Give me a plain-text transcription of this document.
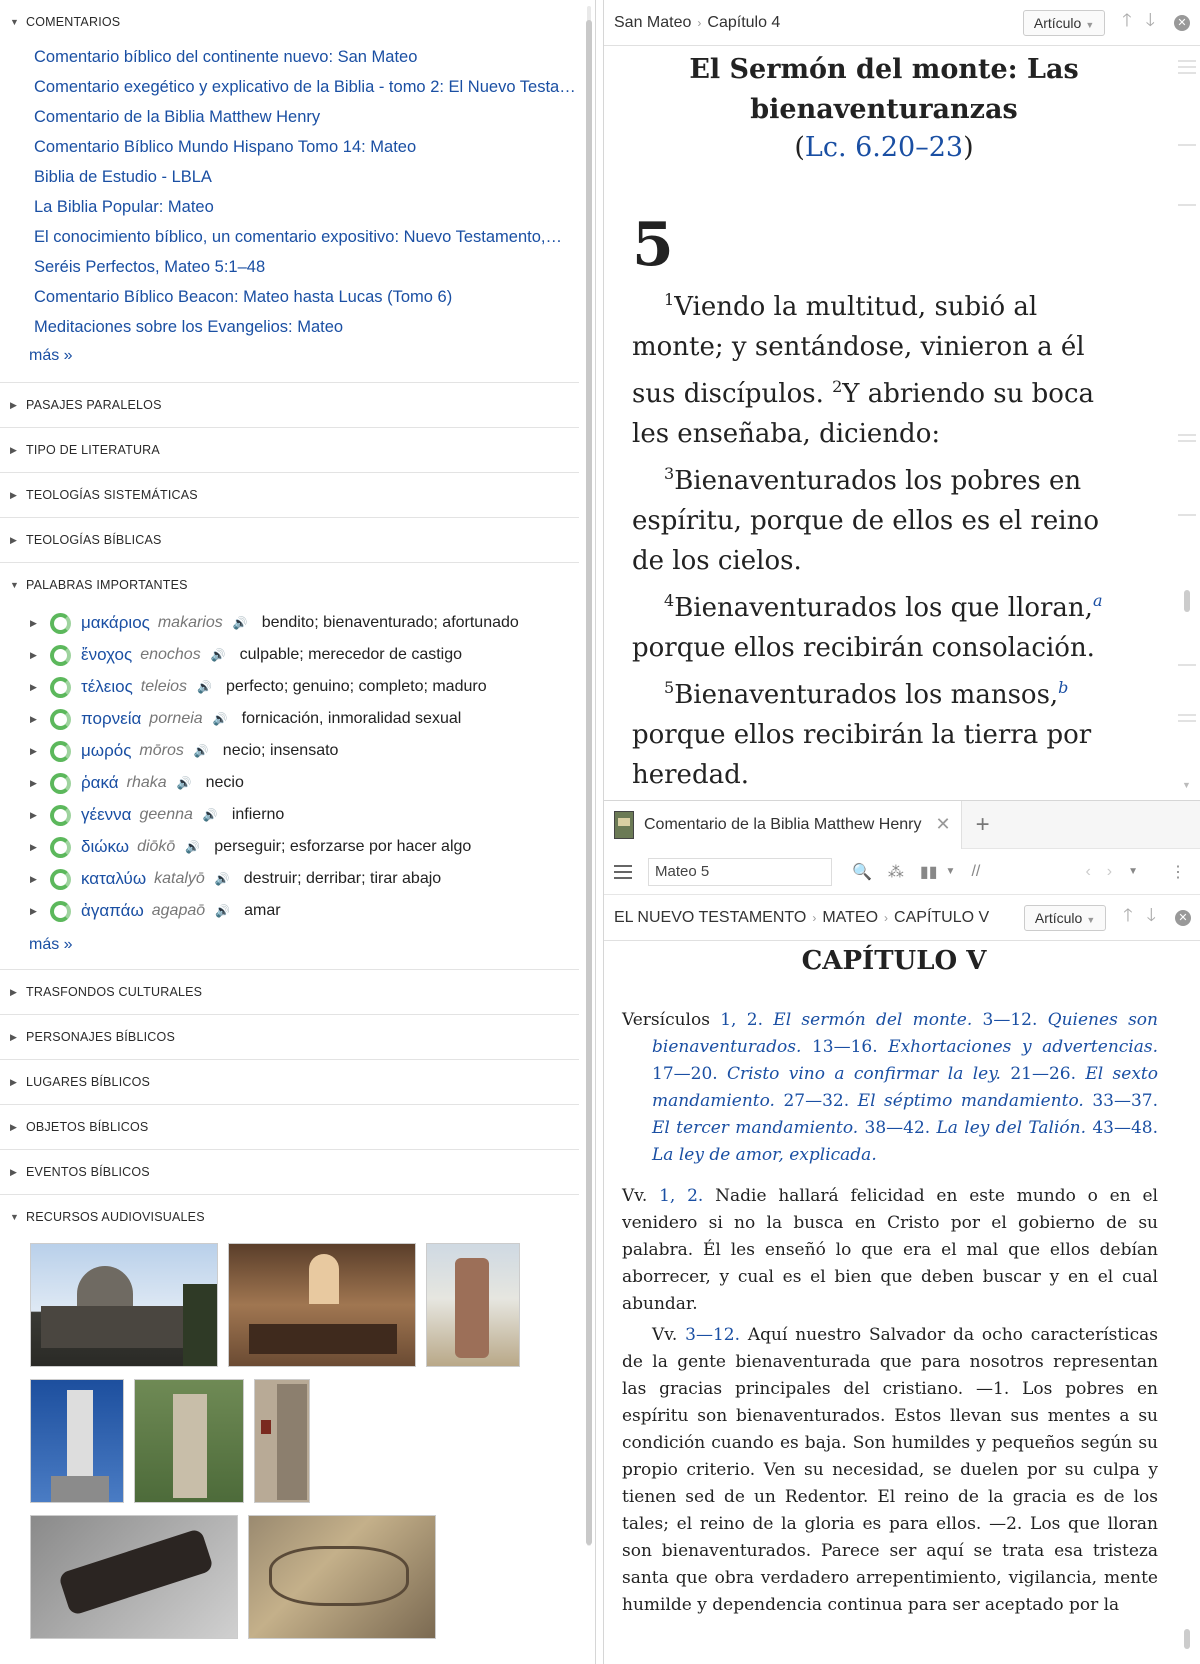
▼ COMENTARIOS
Comentario bíblico del continente nuevo: San Mateo
Comentario exegético y explicativo de la Biblia - tomo 2: El Nuevo Testa…
Comentario de la Biblia Matthew Henry
Comentario Bíblico Mundo Hispano Tomo 14: Mateo
Biblia de Estudio - LBLA
La Biblia Popular: Mateo
El conocimiento bíblico, un comentario expositivo: Nuevo Testamento,…
Seréis Perfectos, Mateo 5:1–48
Comentario Bíblico Beacon: Mateo hasta Lucas (Tomo 6)
Meditaciones sobre los Evangelios: Mateo
más »
▶ PASAJES PARALELOS
▶ TIPO DE LITERATURA
▶ TEOLOGÍAS SISTEMÁTICAS
▶ TEOLOGÍAS BÍBLICAS
▼ PALABRAS IMPORTANTES
▶	μακάριος makarios 🔊 bendito; bienaventurado; afortunado
▶	ἔνοχος enochos 🔊 culpable; merecedor de castigo
▶	τέλειος teleios 🔊 perfecto; genuino; completo; maduro
▶	πορνεία porneia 🔊 fornicación, inmoralidad sexual
▶	μωρός mōros 🔊 necio; insensato
▶	ῥακά rhaka 🔊 necio
▶	γέεννα geenna 🔊 infierno
▶	διώκω diōkō 🔊 perseguir; esforzarse por hacer algo
▶	καταλύω katalyō 🔊 destruir; derribar; tirar abajo
▶	ἀγαπάω agapaō 🔊 amar
más »
▶ TRASFONDOS CULTURALES
▶ PERSONAJES BÍBLICOS
▶ LUGARES BÍBLICOS
▶ OBJETOS BÍBLICOS
▶ EVENTOS BÍBLICOS
▼ RECURSOS AUDIOVISUALES
San Mateo › Capítulo 4	Artículo ▼	🡑 🡓	✕
El Sermón del monte: Las
bienaventuranzas
(Lc. 6.20–23)
5

$^1$Viendo la multitud, subió al monte; y sentándose, vinieron a él sus discípulos. $^2$Y abriendo su boca les enseñaba, diciendo:

$^3$Bienaventurados los pobres en espíritu, porque de ellos es el reino de los cielos.

$^4$Bienaventurados los que lloran,$^a$ porque ellos recibirán consolación.

$^5$Bienaventurados los mansos,$^b$ porque ellos recibirán la tierra por heredad.	▼
Comentario de la Biblia Matthew Henry ✕ +
Mateo 5	🔍 ⁂ ▮▮ ▼ //	‹ › ▼ ⋮
EL NUEVO TESTAMENTO › MATEO › CAPÍTULO V	Artículo ▼	🡑 🡓	✕
CAPÍTULO V
Versículos 1, 2. El sermón del monte. 3—12. Quienes son bienaventurados. 13—16. Exhortaciones y advertencias. 17—20. Cristo vino a confirmar la ley. 21—26. El sexto mandamiento. 27—32. El séptimo mandamiento. 33—37. El tercer mandamiento. 38—42. La ley del Talión. 43—48. La ley de amor, explicada.
Vv. 1, 2. Nadie hallará felicidad en este mundo o en el venidero si no la busca en Cristo por el gobierno de su palabra. Él les enseñó lo que era el mal que ellos debían aborrecer, y cual es el bien que deben buscar y en el cual abundar.
Vv. 3—12. Aquí nuestro Salvador da ocho características de la gente bienaventurada que para nosotros representan las gracias principales del cristiano. —1. Los pobres en espíritu son bienaventurados. Estos llevan sus mentes a su condición cuando es baja. Son humildes y pequeños según su propio criterio. Ven su necesidad, se duelen por su culpa y tienen sed de un Redentor. El reino de la gracia es de los tales; el reino de la gloria es para ellos. —2. Los que lloran son bienaventurados. Parece ser aquí se trata esa tristeza santa que obra verdadero arrepentimiento, vigilancia, mente humilde y dependencia continua para ser aceptado por la
